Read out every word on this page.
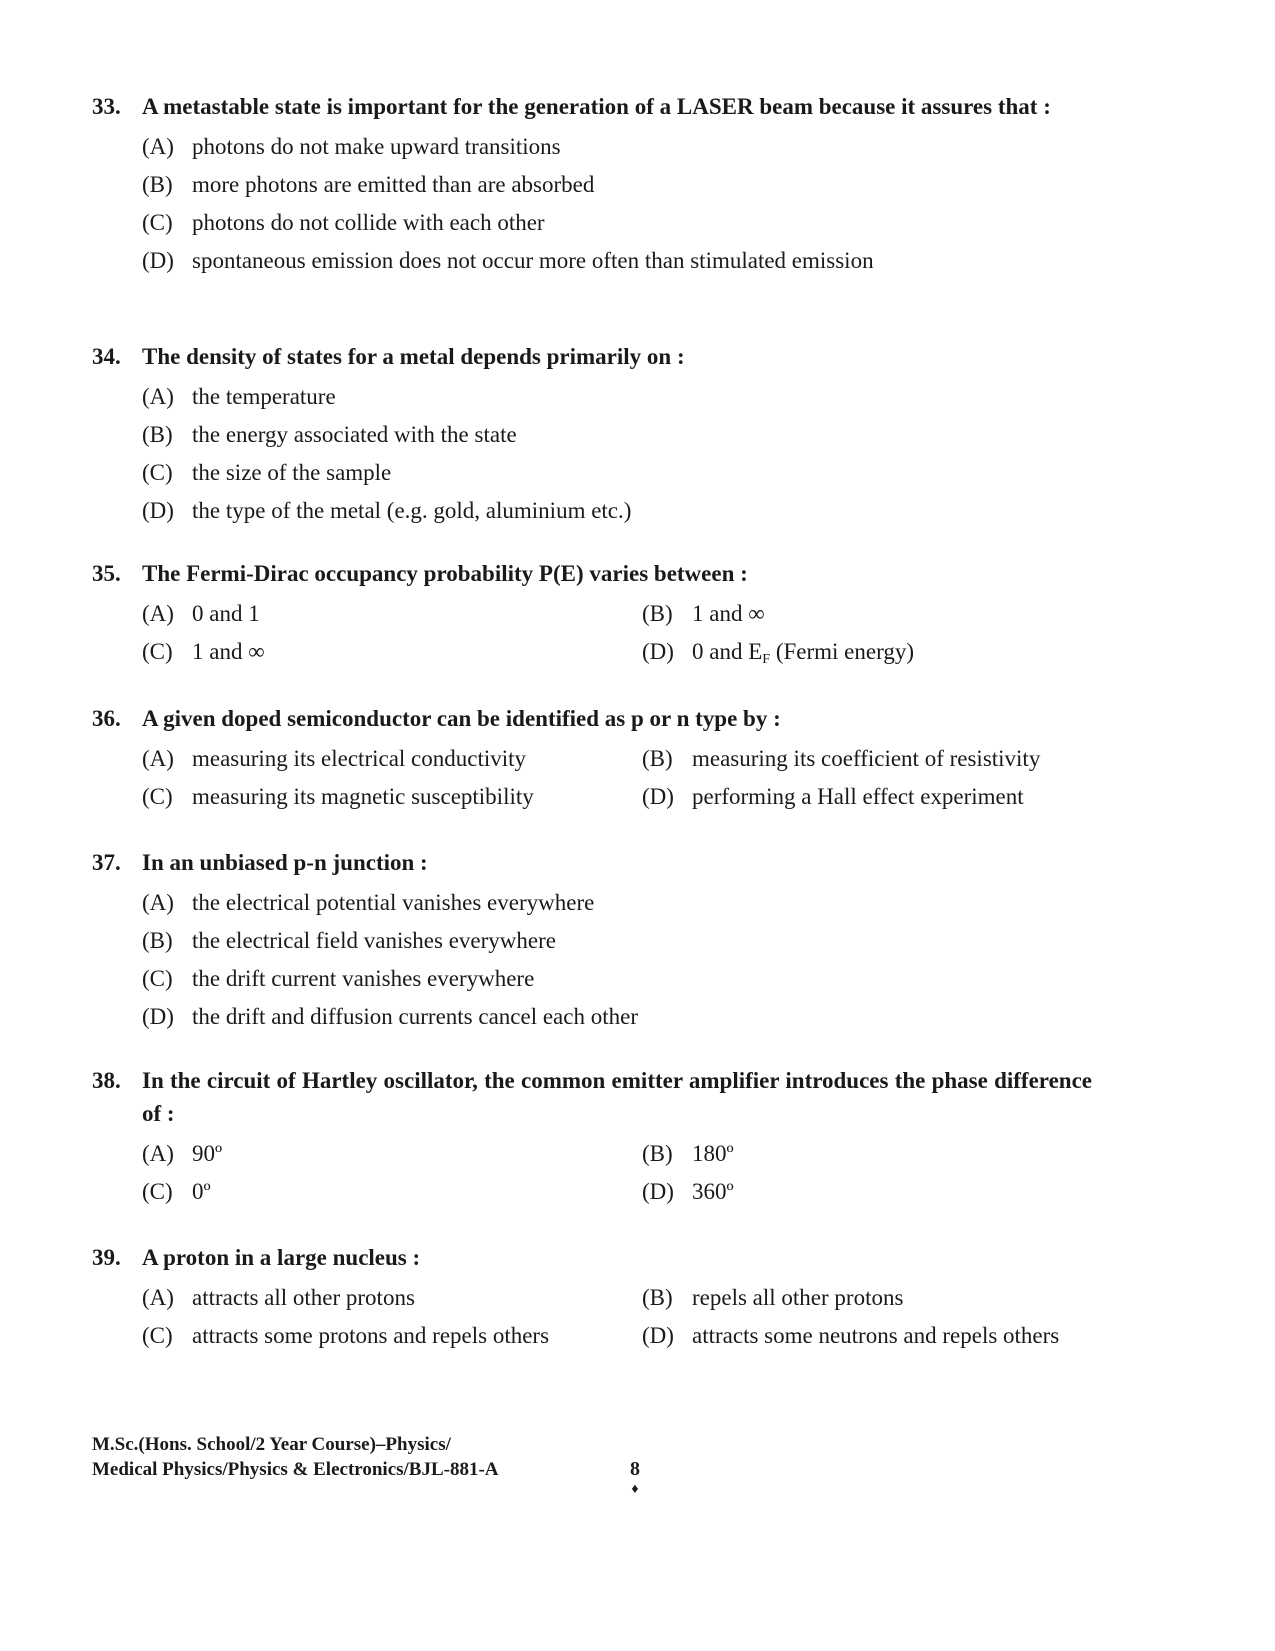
33. A metastable state is important for the generation of a LASER beam because it assures that :
(A) photons do not make upward transitions
(B) more photons are emitted than are absorbed
(C) photons do not collide with each other
(D) spontaneous emission does not occur more often than stimulated emission
34. The density of states for a metal depends primarily on :
(A) the temperature
(B) the energy associated with the state
(C) the size of the sample
(D) the type of the metal (e.g. gold, aluminium etc.)
35. The Fermi-Dirac occupancy probability P(E) varies between :
(A) 0 and 1	(B) 1 and ∞
(C) 1 and ∞	(D) 0 and $E_F$ (Fermi energy)
36. A given doped semiconductor can be identified as p or n type by :
(A) measuring its electrical conductivity	(B) measuring its coefficient of resistivity
(C) measuring its magnetic susceptibility	(D) performing a Hall effect experiment
37. In an unbiased p-n junction :
(A) the electrical potential vanishes everywhere
(B) the electrical field vanishes everywhere
(C) the drift current vanishes everywhere
(D) the drift and diffusion currents cancel each other
38. In the circuit of Hartley oscillator, the common emitter amplifier introduces the phase difference of :
(A) 90º	(B) 180º
(C) 0º	(D) 360º
39. A proton in a large nucleus :
(A) attracts all other protons	(B) repels all other protons
(C) attracts some protons and repels others	(D) attracts some neutrons and repels others
M.Sc.(Hons. School/2 Year Course)–Physics/
Medical Physics/Physics & Electronics/BJL-881-A	8
♦
